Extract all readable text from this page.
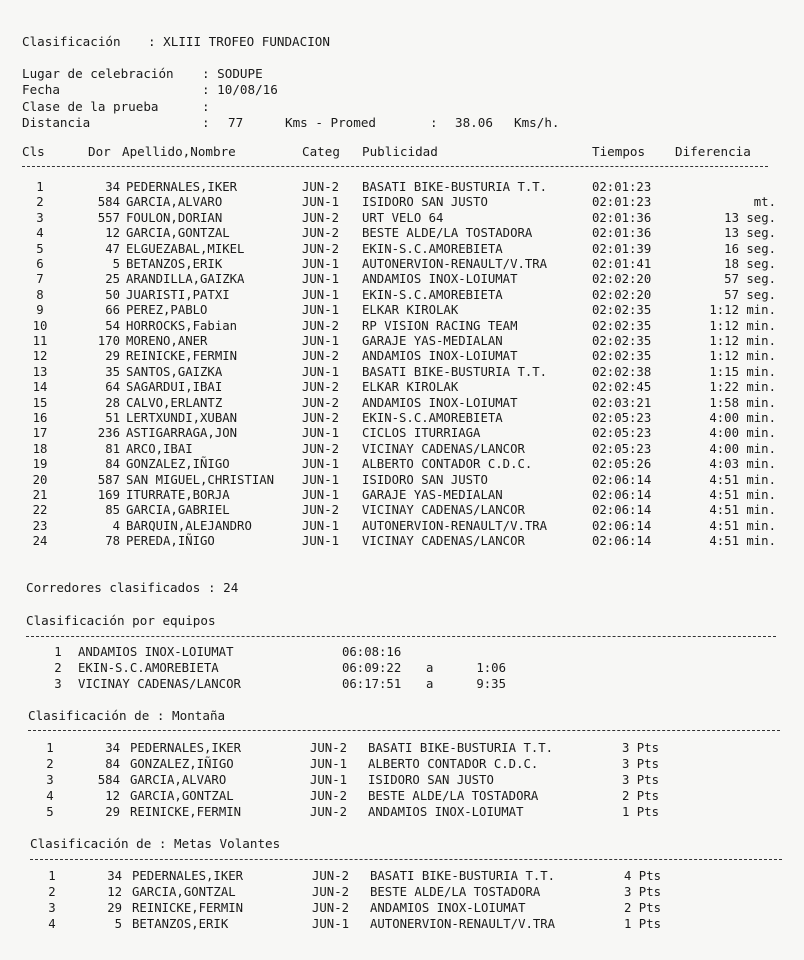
Clasificación : XLIII TROFEO FUNDACION
Lugar de celebración : SODUPE
Fecha	: 10/08/16
Clase de la prueba	:
Distancia	: 77	Kms - Promed	: 38.06 Kms/h.
Cls	Dor Apellido,Nombre	Categ Publicidad	Tiempos Diferencia
1	34 PEDERNALES,IKER	JUN-2 BASATI BIKE-BUSTURIA T.T.	02:01:23
2	584 GARCIA,ALVARO	JUN-1 ISIDORO SAN JUSTO	02:01:23	mt.
3	557 FOULON,DORIAN	JUN-2 URT VELO 64	02:01:36	13 seg.
4	12 GARCIA,GONTZAL	JUN-2 BESTE ALDE/LA TOSTADORA	02:01:36	13 seg.
5	47 ELGUEZABAL,MIKEL	JUN-2 EKIN-S.C.AMOREBIETA	02:01:39	16 seg.
6	5 BETANZOS,ERIK	JUN-1 AUTONERVION-RENAULT/V.TRA	02:01:41	18 seg.
7	25 ARANDILLA,GAIZKA	JUN-1 ANDAMIOS INOX-LOIUMAT	02:02:20	57 seg.
8	50 JUARISTI,PATXI	JUN-1 EKIN-S.C.AMOREBIETA	02:02:20	57 seg.
9	66 PEREZ,PABLO	JUN-1 ELKAR KIROLAK	02:02:35	1:12 min.
10	54 HORROCKS,Fabian	JUN-2 RP VISION RACING TEAM	02:02:35	1:12 min.
11	170 MORENO,ANER	JUN-1 GARAJE YAS-MEDIALAN	02:02:35	1:12 min.
12	29 REINICKE,FERMIN	JUN-2 ANDAMIOS INOX-LOIUMAT	02:02:35	1:12 min.
13	35 SANTOS,GAIZKA	JUN-1 BASATI BIKE-BUSTURIA T.T.	02:02:38	1:15 min.
14	64 SAGARDUI,IBAI	JUN-2 ELKAR KIROLAK	02:02:45	1:22 min.
15	28 CALVO,ERLANTZ	JUN-2 ANDAMIOS INOX-LOIUMAT	02:03:21	1:58 min.
16	51 LERTXUNDI,XUBAN	JUN-2 EKIN-S.C.AMOREBIETA	02:05:23	4:00 min.
17	236 ASTIGARRAGA,JON	JUN-1 CICLOS ITURRIAGA	02:05:23	4:00 min.
18	81 ARCO,IBAI	JUN-2 VICINAY CADENAS/LANCOR	02:05:23	4:00 min.
19	84 GONZALEZ,IÑIGO	JUN-1 ALBERTO CONTADOR C.D.C.	02:05:26	4:03 min.
20	587 SAN MIGUEL,CHRISTIAN JUN-1 ISIDORO SAN JUSTO	02:06:14	4:51 min.
21	169 ITURRATE,BORJA	JUN-1 GARAJE YAS-MEDIALAN	02:06:14	4:51 min.
22	85 GARCIA,GABRIEL	JUN-2 VICINAY CADENAS/LANCOR	02:06:14	4:51 min.
23	4 BARQUIN,ALEJANDRO	JUN-1 AUTONERVION-RENAULT/V.TRA	02:06:14	4:51 min.
24	78 PEREDA,IÑIGO	JUN-1 VICINAY CADENAS/LANCOR	02:06:14	4:51 min.
Corredores clasificados : 24
Clasificación por equipos
1	ANDAMIOS INOX-LOIUMAT	06:08:16
2	EKIN-S.C.AMOREBIETA	06:09:22 a	1:06
3	VICINAY CADENAS/LANCOR	06:17:51 a	9:35
Clasificación de : Montaña
1	34 PEDERNALES,IKER	JUN-2 BASATI BIKE-BUSTURIA T.T.	3 Pts
2	84 GONZALEZ,IÑIGO	JUN-1 ALBERTO CONTADOR C.D.C.	3 Pts
3	584 GARCIA,ALVARO	JUN-1 ISIDORO SAN JUSTO	3 Pts
4	12 GARCIA,GONTZAL	JUN-2 BESTE ALDE/LA TOSTADORA	2 Pts
5	29 REINICKE,FERMIN	JUN-2 ANDAMIOS INOX-LOIUMAT	1 Pts
Clasificación de : Metas Volantes
1	34 PEDERNALES,IKER	JUN-2 BASATI BIKE-BUSTURIA T.T.	4 Pts
2	12 GARCIA,GONTZAL	JUN-2 BESTE ALDE/LA TOSTADORA	3 Pts
3	29 REINICKE,FERMIN	JUN-2 ANDAMIOS INOX-LOIUMAT	2 Pts
4	5 BETANZOS,ERIK	JUN-1 AUTONERVION-RENAULT/V.TRA	1 Pts
